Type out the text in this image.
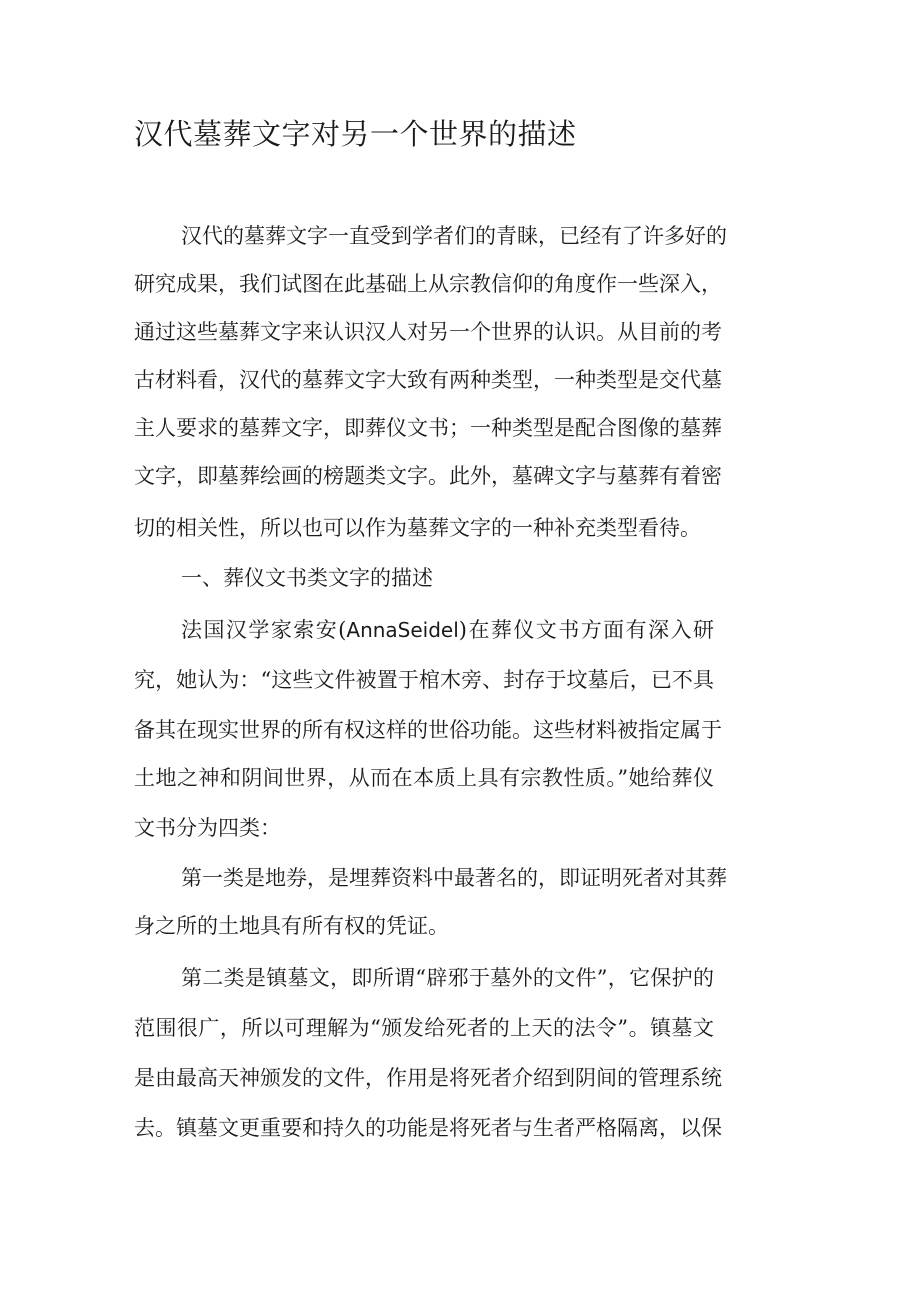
汉代墓葬文字对另一个世界的描述
汉代的墓葬文字一直受到学者们的青睐，已经有了许多好的
研究成果，我们试图在此基础上从宗教信仰的角度作一些深入，
通过这些墓葬文字来认识汉人对另一个世界的认识。从目前的考
古材料看，汉代的墓葬文字大致有两种类型，一种类型是交代墓
主人要求的墓葬文字，即葬仪文书；一种类型是配合图像的墓葬
文字，即墓葬绘画的榜题类文字。此外，墓碑文字与墓葬有着密
切的相关性，所以也可以作为墓葬文字的一种补充类型看待。
一、葬仪文书类文字的描述
法国汉学家索安(AnnaSeidel)在葬仪文书方面有深入研
究，她认为：“这些文件被置于棺木旁、封存于坟墓后，已不具
备其在现实世界的所有权这样的世俗功能。这些材料被指定属于
土地之神和阴间世界，从而在本质上具有宗教性质。”她给葬仪
文书分为四类：
第一类是地券，是埋葬资料中最著名的，即证明死者对其葬
身之所的土地具有所有权的凭证。
第二类是镇墓文，即所谓“辟邪于墓外的文件”，它保护的
范围很广，所以可理解为“颁发给死者的上天的法令”。镇墓文
是由最高天神颁发的文件，作用是将死者介绍到阴间的管理系统
去。镇墓文更重要和持久的功能是将死者与生者严格隔离，以保
